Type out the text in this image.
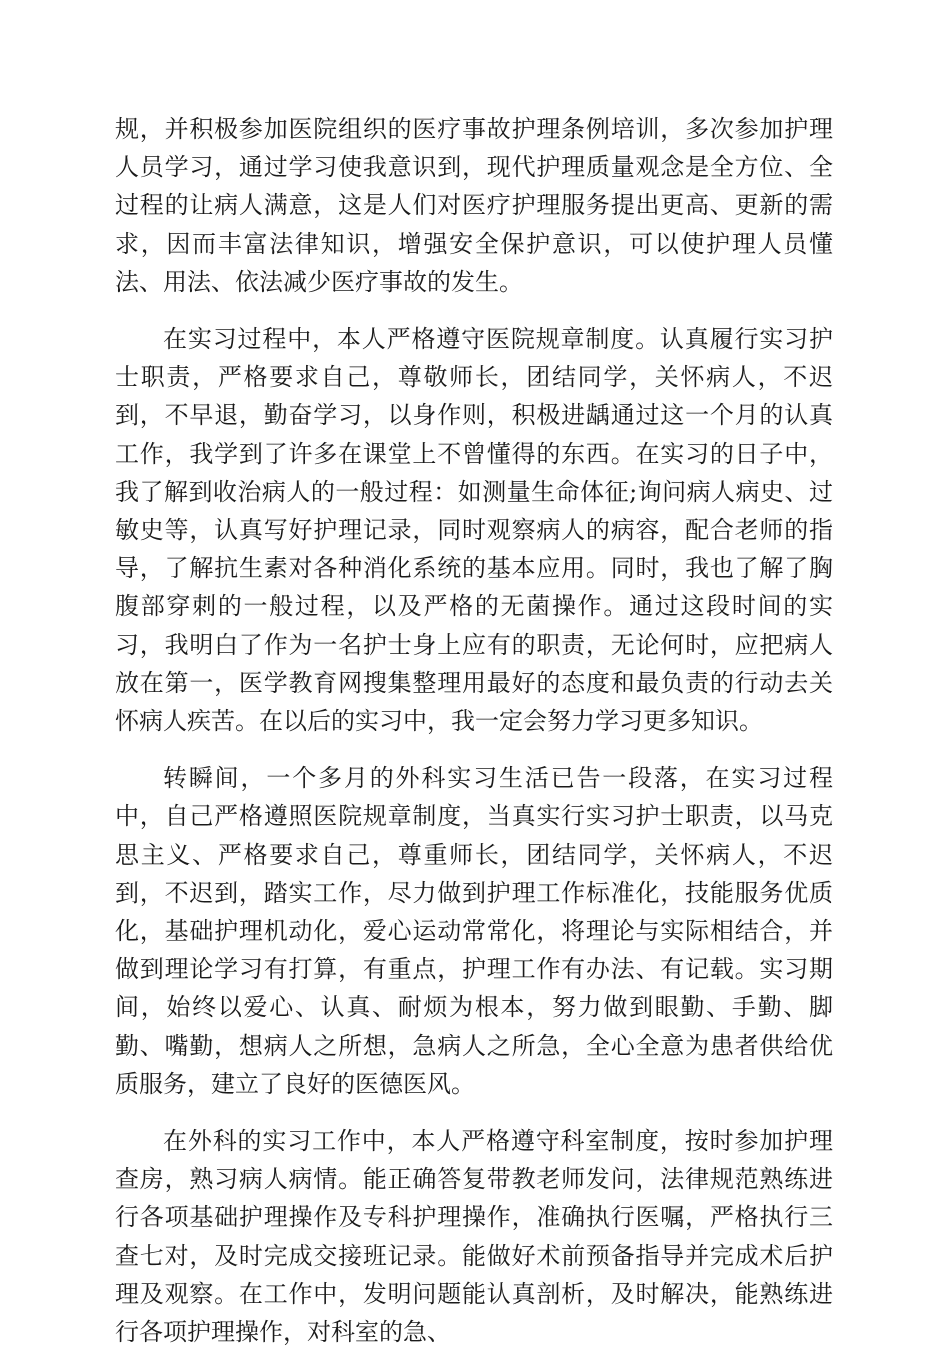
规，并积极参加医院组织的医疗事故护理条例培训，多次参加护理人员学习，通过学习使我意识到，现代护理质量观念是全方位、全过程的让病人满意，这是人们对医疗护理服务提出更高、更新的需求，因而丰富法律知识，增强安全保护意识，可以使护理人员懂法、用法、依法减少医疗事故的发生。

在实习过程中，本人严格遵守医院规章制度。认真履行实习护士职责，严格要求自己，尊敬师长，团结同学，关怀病人，不迟到，不早退，勤奋学习，以身作则，积极进龋通过这一个月的认真工作，我学到了许多在课堂上不曾懂得的东西。在实习的日子中，我了解到收治病人的一般过程：如测量生命体征;询问病人病史、过敏史等，认真写好护理记录，同时观察病人的病容，配合老师的指导，了解抗生素对各种消化系统的基本应用。同时，我也了解了胸腹部穿刺的一般过程，以及严格的无菌操作。通过这段时间的实习，我明白了作为一名护士身上应有的职责，无论何时，应把病人放在第一，医学教育网搜集整理用最好的态度和最负责的行动去关怀病人疾苦。在以后的实习中，我一定会努力学习更多知识。

转瞬间，一个多月的外科实习生活已告一段落，在实习过程中，自己严格遵照医院规章制度，当真实行实习护士职责，以马克思主义、严格要求自己，尊重师长，团结同学，关怀病人，不迟到，不迟到，踏实工作，尽力做到护理工作标准化，技能服务优质化，基础护理机动化，爱心运动常常化，将理论与实际相结合，并做到理论学习有打算，有重点，护理工作有办法、有记载。实习期间，始终以爱心、认真、耐烦为根本，努力做到眼勤、手勤、脚勤、嘴勤，想病人之所想，急病人之所急，全心全意为患者供给优质服务，建立了良好的医德医风。

在外科的实习工作中，本人严格遵守科室制度，按时参加护理查房，熟习病人病情。能正确答复带教老师发问，法律规范熟练进行各项基础护理操作及专科护理操作，准确执行医嘱，严格执行三查七对，及时完成交接班记录。能做好术前预备指导并完成术后护理及观察。在工作中，发明问题能认真剖析，及时解决，能熟练进行各项护理操作，对科室的急、
